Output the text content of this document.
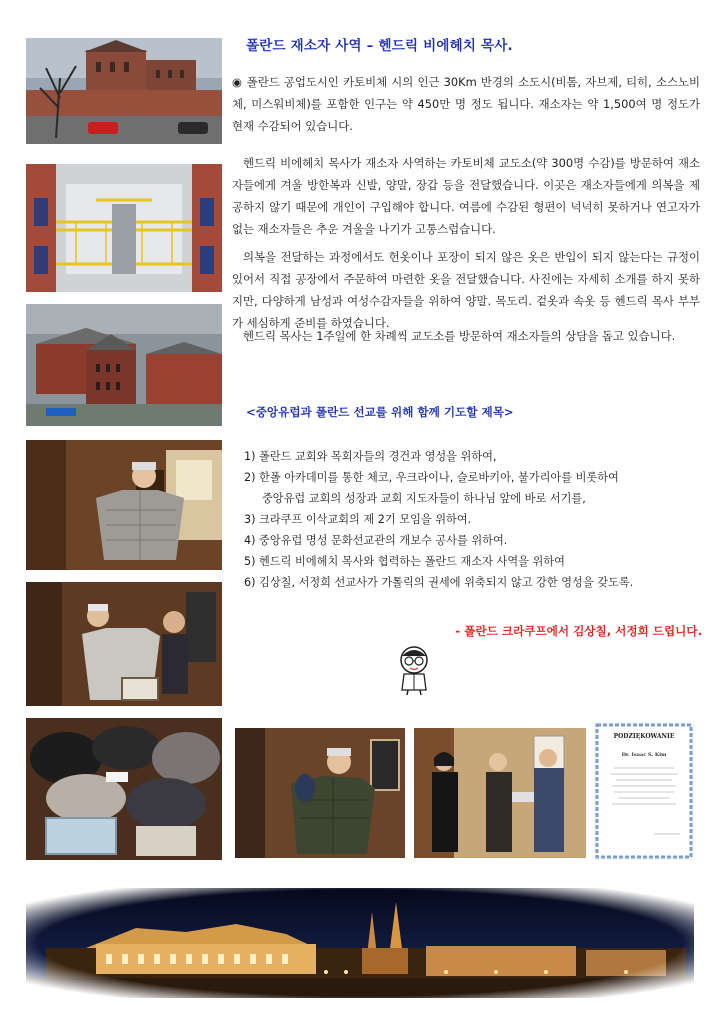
폴란드 재소자 사역 – 헨드릭 비에헤치 목사.

◉ 폴란드 공업도시인 카토비체 시의 인근 30Km 반경의 소도시(비톰, 자브제, 티히, 소스노비체, 미스워비체)를 포함한 인구는 약 450만 명 정도 됩니다. 재소자는 약 1,500여 명 정도가 현재 수감되어 있습니다.

헨드릭 비에헤치 목사가 재소자 사역하는 카토비체 교도소(약 300명 수감)를 방문하여 재소자들에게 겨울 방한복과 신발, 양말, 장갑 등을 전달했습니다. 이곳은 재소자들에게 의복을 제공하지 않기 때문에 개인이 구입해야 합니다. 여름에 수감된 형편이 넉넉히 못하거나 연고자가 없는 재소자들은 추운 겨울을 나기가 고통스럽습니다.

의복을 전달하는 과정에서도 헌옷이나 포장이 되지 않은 옷은 반입이 되지 않는다는 규정이 있어서 직접 공장에서 주문하여 마련한 옷을 전달했습니다. 사진에는 자세히 소개를 하지 못하지만, 다양하게 남성과 여성수감자들을 위하여 양말. 목도리. 겉옷과 속옷 등 헨드릭 목사 부부가 세심하게 준비를 하였습니다.

헨드릭 목사는 1주일에 한 차례씩 교도소를 방문하여 재소자들의 상담을 돕고 있습니다.

<중앙유럽과 폴란드 선교를 위해 함께 기도할 제목>
1) 폴란드 교회와 목회자들의 경건과 영성을 위하여,
2) 한폴 아카데미를 통한 체코, 우크라이나, 슬로바키아, 불가리아를 비롯하여
중앙유럽 교회의 성장과 교회 지도자들이 하나님 앞에 바로 서기를,
3) 크라쿠프 이삭교회의 제 2기 모임을 위하여.
4) 중앙유럽 명성 문화선교관의 개보수 공사를 위하여.
5) 헨드릭 비에헤치 목사와 협력하는 폴란드 재소자 사역을 위하여
6) 김상칠, 서정희 선교사가 가톨릭의 권세에 위축되지 않고 강한 영성을 갖도록.
- 폴란드 크라쿠프에서 김상칠, 서정희 드립니다.
PODZIĘKOWANIE
Dr. Isaac S. Kim
